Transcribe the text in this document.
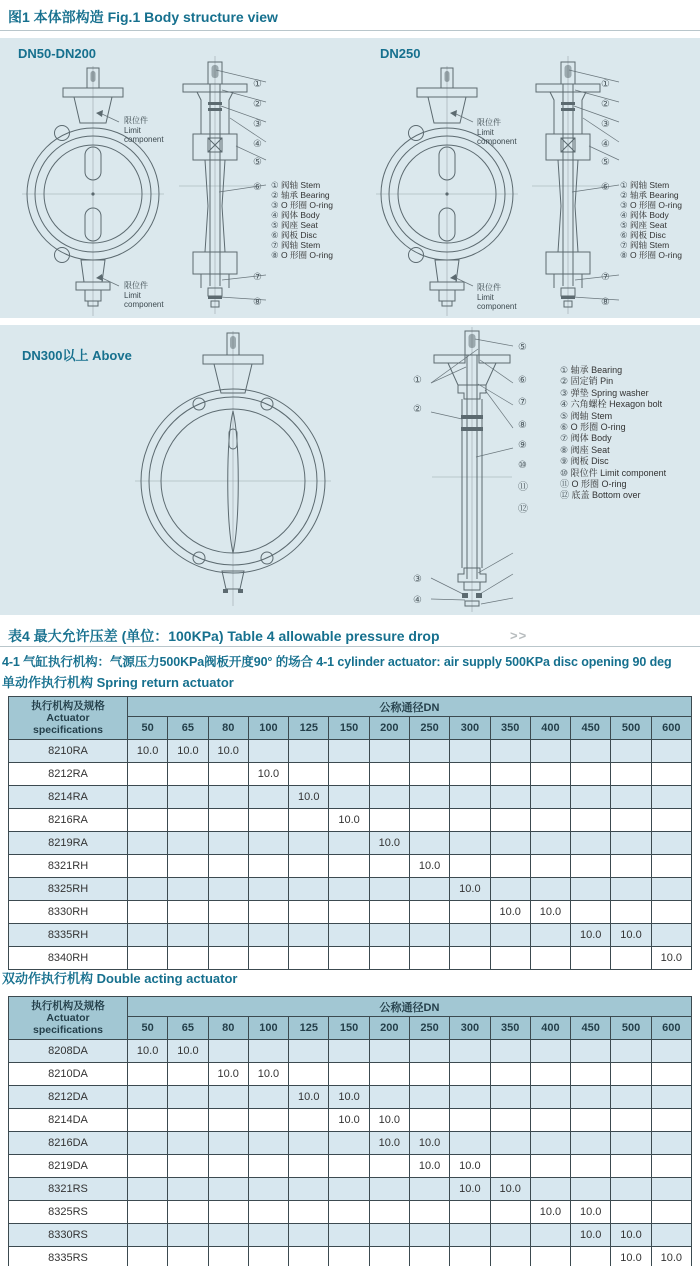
图1 本体部构造 Fig.1 Body structure view
DN50-DN200	DN250
①
②
③
④
⑤
⑥
⑦
⑧
① 阀轴 Stem
② 轴承 Bearing
③ O 形圈 O-ring
④ 阀体 Body
⑤ 阀座 Seat
⑥ 阀板 Disc
⑦ 阀轴 Stem
⑧ O 形圈 O-ring
限位件
Limit
component
限位件
Limit
component
①
②
③
④
⑤
⑥
⑦
⑧
① 阀轴 Stem
② 轴承 Bearing
③ O 形圈 O-ring
④ 阀体 Body
⑤ 阀座 Seat
⑥ 阀板 Disc
⑦ 阀轴 Stem
⑧ O 形圈 O-ring
限位件
Limit
component
限位件
Limit
component
DN300以上 Above
①
②
③
④
⑤
⑥
⑦
⑧
⑨
⑩
⑪
⑫
① 轴承 Bearing
② 固定销 Pin
③ 弹垫 Spring washer
④ 六角螺栓 Hexagon bolt
⑤ 阀轴 Stem
⑥ O 形圈 O-ring
⑦ 阀体 Body
⑧ 阀座 Seat
⑨ 阀板 Disc
⑩ 限位件 Limit component
⑪ O 形圈 O-ring
⑫ 底盖 Bottom over
表4 最大允许压差 (单位：100KPa) Table 4 allowable pressure drop	>>
4-1 气缸执行机构：气源压力500KPa阀板开度90° 的场合 4-1 cylinder actuator: air supply 500KPa disc opening 90 deg
单动作执行机构 Spring return actuator
执行机构及规格
Actuator
specifications	公称通径DN													
	50	65	80	100	125	150	200	250	300	350	400	450	500	600
8210RA	10.0	10.0	10.0											
8212RA				10.0										
8214RA					10.0									
8216RA						10.0								
8219RA							10.0							
8321RH								10.0						
8325RH									10.0					
8330RH										10.0	10.0			
8335RH												10.0	10.0	
8340RH														10.0
双动作执行机构 Double acting actuator
执行机构及规格
Actuator
specifications	公称通径DN													
	50	65	80	100	125	150	200	250	300	350	400	450	500	600
8208DA	10.0	10.0												
8210DA			10.0	10.0										
8212DA					10.0	10.0								
8214DA						10.0	10.0							
8216DA							10.0	10.0						
8219DA								10.0	10.0					
8321RS									10.0	10.0				
8325RS											10.0	10.0		
8330RS												10.0	10.0	
8335RS													10.0	10.0
